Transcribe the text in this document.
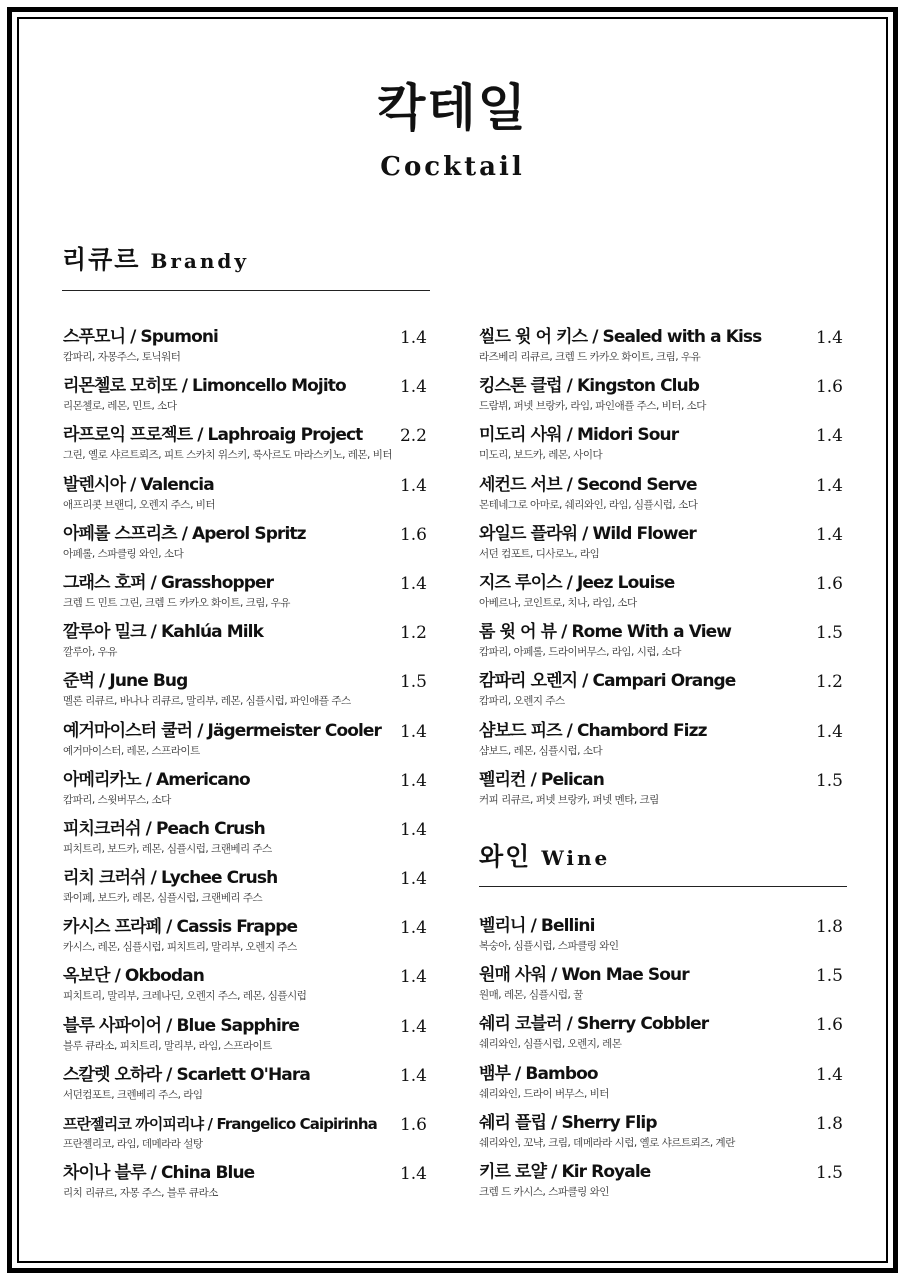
칵테일
Cocktail
리큐르 Brandy
스푸모니 / Spumoni	1.4
캄파리, 자몽주스, 토닉워터
리몬첼로 모히또 / Limoncello Mojito	1.4
리몬첼로, 레몬, 민트, 소다
라프로익 프로젝트 / Laphroaig Project 2.2
그린, 옐로 샤르트뢰즈, 피트 스카치 위스키, 룩사르도 마라스키노, 레몬, 비터
발렌시아 / Valencia	1.4
애프리콧 브랜디, 오렌지 주스, 비터
아페롤 스프리츠 / Aperol Spritz	1.6
아페롤, 스파클링 와인, 소다
그래스 호퍼 / Grasshopper	1.4
크렘 드 민트 그린, 크렘 드 카카오 화이트, 크림, 우유
깔루아 밀크 / Kahlúa Milk	1.2
깔루아, 우유
준벅 / June Bug	1.5
멜론 리큐르, 바나나 리큐르, 말리부, 레몬, 심플시럽, 파인애플 주스
예거마이스터 쿨러 / Jägermeister Cooler 1.4
예거마이스터, 레몬, 스프라이트
아메리카노 / Americano	1.4
캄파리, 스윗버무스, 소다
피치크러쉬 / Peach Crush	1.4
피치트리, 보드카, 레몬, 심플시럽, 크랜베리 주스
리치 크러쉬 / Lychee Crush	1.4
콰이페, 보드카, 레몬, 심플시럽, 크랜베리 주스
카시스 프라페 / Cassis Frappe	1.4
카시스, 레몬, 심플시럽, 피치트리, 말리부, 오렌지 주스
옥보단 / Okbodan	1.4
피치트리, 말리부, 크레나딘, 오렌지 주스, 레몬, 심플시럽
블루 사파이어 / Blue Sapphire	1.4
블루 큐라소, 피치트리, 말리부, 라임, 스프라이트
스칼렛 오하라 / Scarlett O'Hara	1.4
서던컴포트, 크렌베리 주스, 라임
프란젤리코 까이피리냐 / Frangelico Caipirinha 1.6
프란젤리코, 라임, 데메라라 설탕
차이나 블루 / China Blue	1.4
리치 리큐르, 자몽 주스, 블루 큐라소
씰드 윗 어 키스 / Sealed with a Kiss	1.4
라즈베리 리큐르, 크렘 드 카카오 화이트, 크림, 우유
킹스톤 클럽 / Kingston Club	1.6
드람뷔, 퍼넷 브랑카, 라임, 파인애플 주스, 비터, 소다
미도리 사워 / Midori Sour	1.4
미도리, 보드카, 레몬, 사이다
세컨드 서브 / Second Serve	1.4
몬테네그로 아마로, 쉐리와인, 라임, 심플시럽, 소다
와일드 플라워 / Wild Flower	1.4
서던 컴포트, 디사로노, 라임
지즈 루이스 / Jeez Louise	1.6
아베르나, 코인트로, 치나, 라임, 소다
롬 윗 어 뷰 / Rome With a View	1.5
캄파리, 아페롤, 드라이버무스, 라임, 시럽, 소다
캄파리 오렌지 / Campari Orange	1.2
캄파리, 오렌지 주스
샴보드 피즈 / Chambord Fizz	1.4
샴보드, 레몬, 심플시럽, 소다
펠리컨 / Pelican	1.5
커피 리큐르, 퍼넷 브랑카, 퍼넷 멘타, 크림
와인 Wine
벨리니 / Bellini	1.8
복숭아, 심플시럽, 스파클링 와인
원매 사워 / Won Mae Sour	1.5
원매, 레몬, 심플시럽, 꿀
쉐리 코블러 / Sherry Cobbler	1.6
쉐리와인, 심플시럽, 오렌지, 레몬
뱀부 / Bamboo	1.4
쉐리와인, 드라이 버무스, 비터
쉐리 플립 / Sherry Flip	1.8
쉐리와인, 꼬냑, 크림, 데메라라 시럽, 옐로 샤르트뢰즈, 계란
키르 로얄 / Kir Royale	1.5
크렘 드 카시스, 스파클링 와인
